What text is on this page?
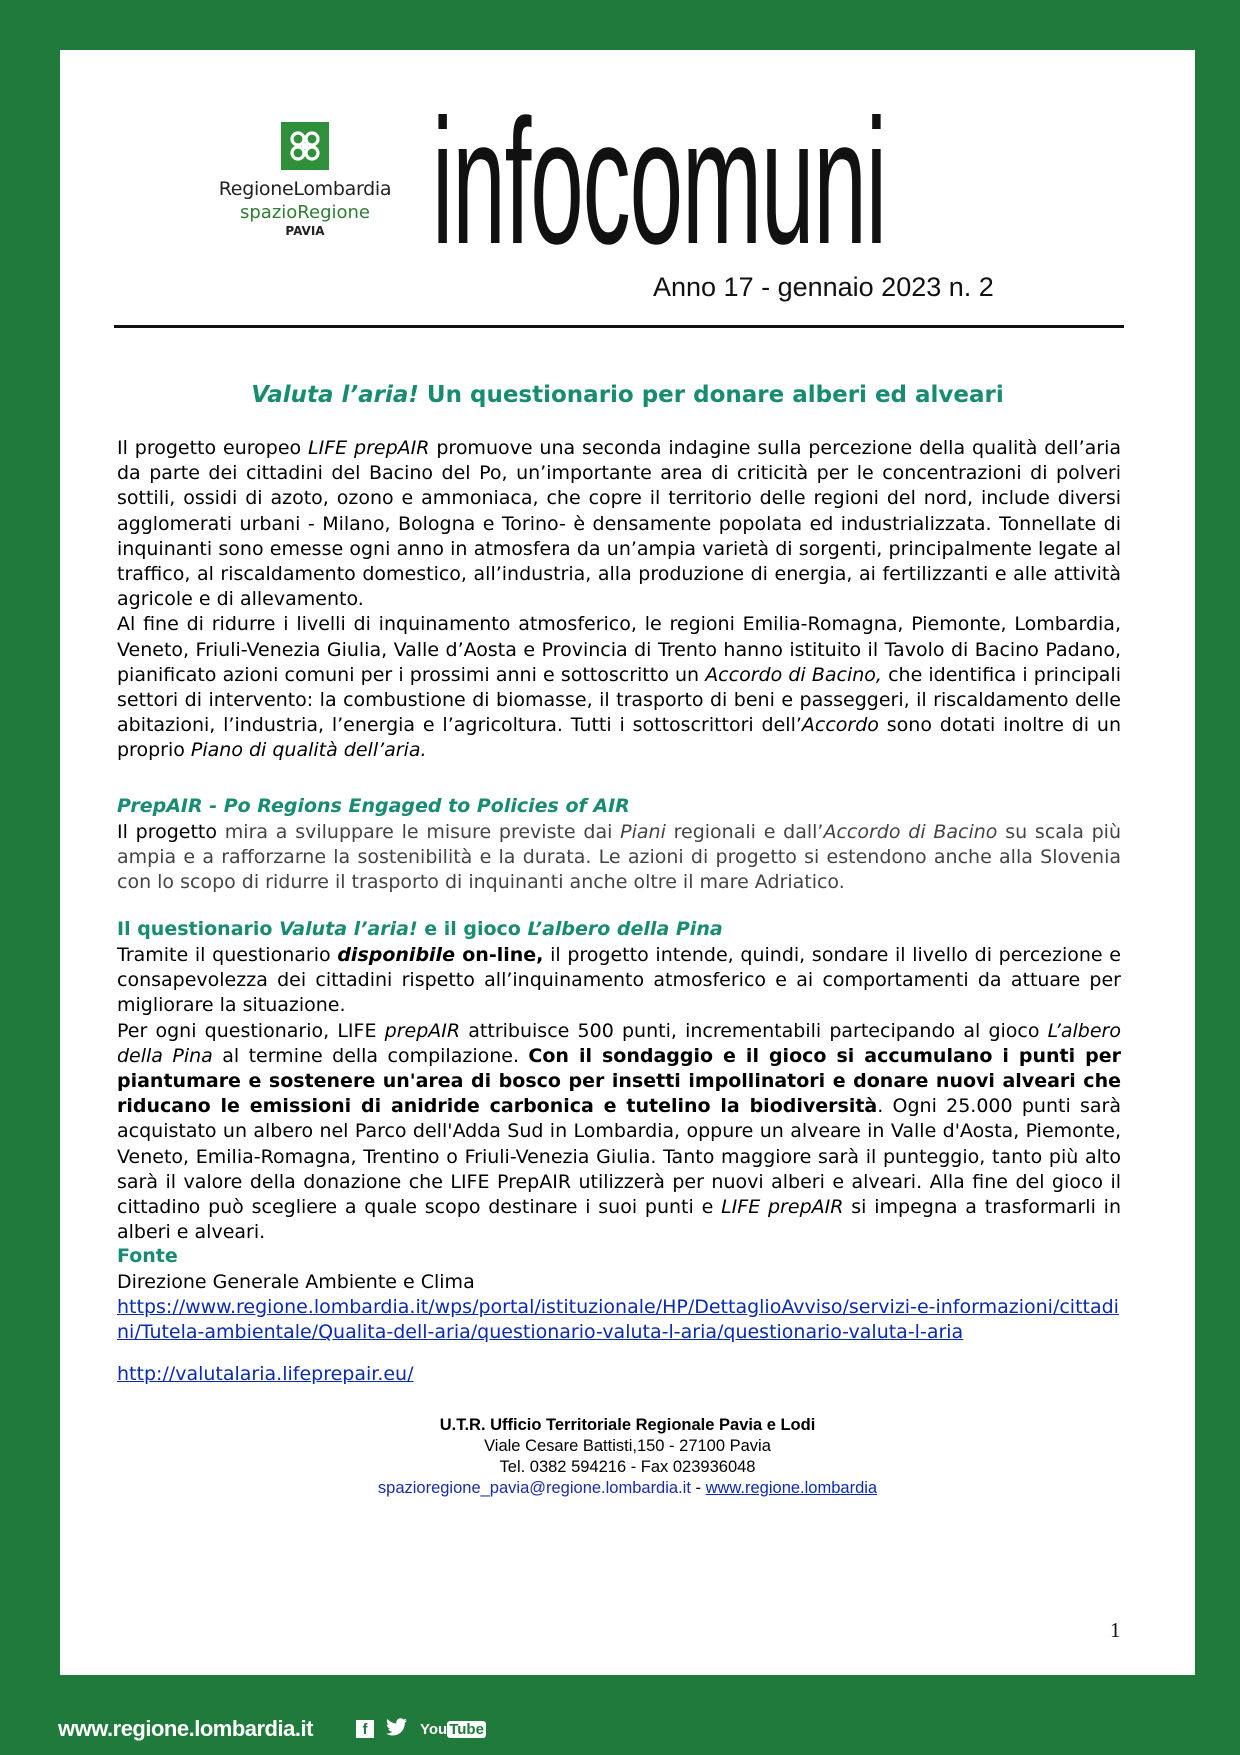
RegioneLombardia
spazioRegione
PAVIA infocomuni
Anno 17 - gennaio 2023 n. 2
Valuta l’aria! Un questionario per donare alberi ed alveari
Il progetto europeo LIFE prepAIR promuove una seconda indagine sulla percezione della qualità dell’aria da parte dei cittadini del Bacino del Po, un’importante area di criticità per le concentrazioni di polveri sottili, ossidi di azoto, ozono e ammoniaca, che copre il territorio delle regioni del nord, include diversi agglomerati urbani - Milano, Bologna e Torino- è densamente popolata ed industrializzata. Tonnellate di inquinanti sono emesse ogni anno in atmosfera da un’ampia varietà di sorgenti, principalmente legate al traffico, al riscaldamento domestico, all’industria, alla produzione di energia, ai fertilizzanti e alle attività agricole e di allevamento.
Al fine di ridurre i livelli di inquinamento atmosferico, le regioni Emilia-Romagna, Piemonte, Lombardia, Veneto, Friuli-Venezia Giulia, Valle d’Aosta e Provincia di Trento hanno istituito il Tavolo di Bacino Padano, pianificato azioni comuni per i prossimi anni e sottoscritto un Accordo di Bacino, che identifica i principali settori di intervento: la combustione di biomasse, il trasporto di beni e passeggeri, il riscaldamento delle abitazioni, l’industria, l’energia e l’agricoltura. Tutti i sottoscrittori dell’Accordo sono dotati inoltre di un proprio Piano di qualità dell’aria.
PrepAIR - Po Regions Engaged to Policies of AIR
Il progetto mira a sviluppare le misure previste dai Piani regionali e dall’Accordo di Bacino su scala più ampia e a rafforzarne la sostenibilità e la durata. Le azioni di progetto si estendono anche alla Slovenia con lo scopo di ridurre il trasporto di inquinanti anche oltre il mare Adriatico.
Il questionario Valuta l’aria! e il gioco L’albero della Pina
Tramite il questionario disponibile on-line, il progetto intende, quindi, sondare il livello di percezione e consapevolezza dei cittadini rispetto all’inquinamento atmosferico e ai comportamenti da attuare per migliorare la situazione.
Per ogni questionario, LIFE prepAIR attribuisce 500 punti, incrementabili partecipando al gioco L’albero della Pina al termine della compilazione. Con il sondaggio e il gioco si accumulano i punti per piantumare e sostenere un'area di bosco per insetti impollinatori e donare nuovi alveari che riducano le emissioni di anidride carbonica e tutelino la biodiversità. Ogni 25.000 punti sarà acquistato un albero nel Parco dell'Adda Sud in Lombardia, oppure un alveare in Valle d'Aosta, Piemonte, Veneto, Emilia-Romagna, Trentino o Friuli-Venezia Giulia. Tanto maggiore sarà il punteggio, tanto più alto sarà il valore della donazione che LIFE PrepAIR utilizzerà per nuovi alberi e alveari. Alla fine del gioco il cittadino può scegliere a quale scopo destinare i suoi punti e LIFE prepAIR si impegna a trasformarli in alberi e alveari.
Fonte
Direzione Generale Ambiente e Clima
https://www.regione.lombardia.it/wps/portal/istituzionale/HP/DettaglioAvviso/servizi-e-informazioni/cittadini/Tutela-ambientale/Qualita-dell-aria/questionario-valuta-l-aria/questionario-valuta-l-aria
http://valutalaria.lifeprepair.eu/
U.T.R. Ufficio Territoriale Regionale Pavia e Lodi
Viale Cesare Battisti,150 - 27100 Pavia
Tel. 0382 594216 - Fax 023936048
spazioregione_pavia@regione.lombardia.it - www.regione.lombardia
1
www.regione.lombardia.it	f	You Tube
